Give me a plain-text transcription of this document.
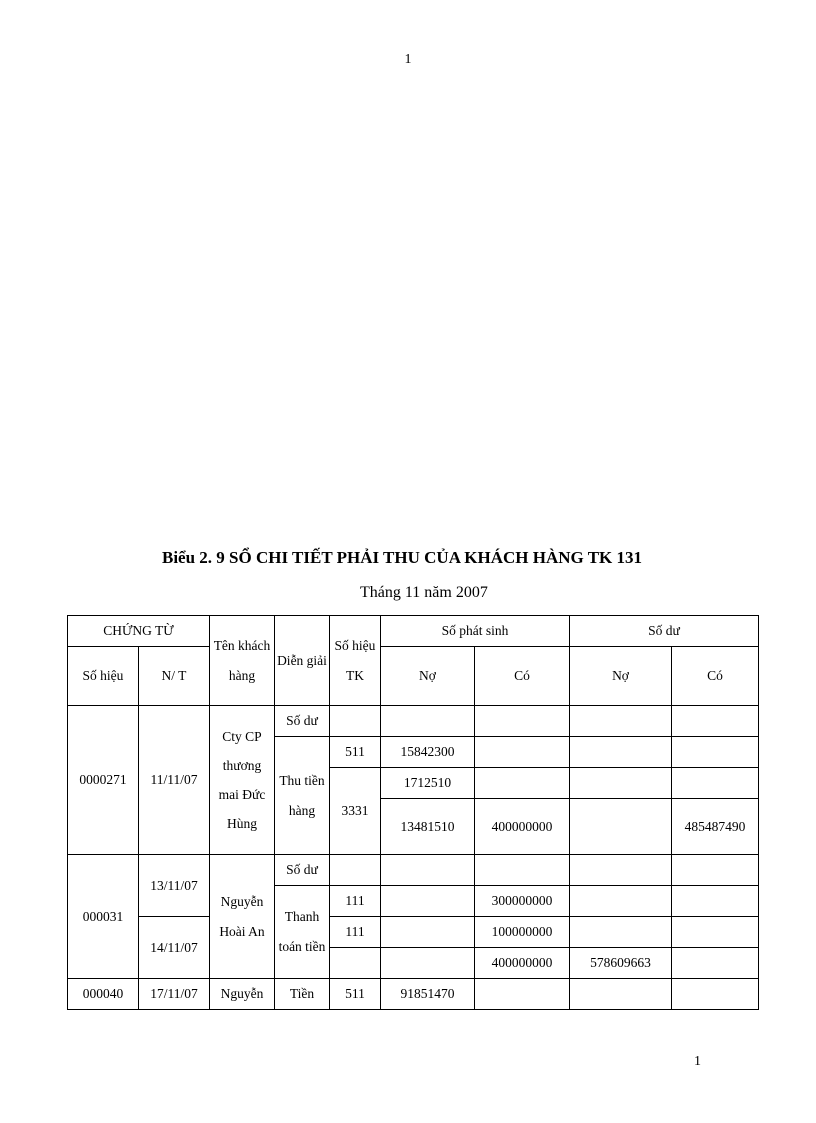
1
Biểu 2. 9 SỔ CHI TIẾT PHẢI THU CỦA KHÁCH HÀNG TK 131
Tháng 11 năm 2007
CHỨNG TỪ		Tên khách hàng	Diễn giải	Số hiệu TK	Số phát sinh		Số dư	
Số hiệu	N/ T				Nợ	Có	Nợ	Có
0000271	11/11/07	Cty CP thương mai Đức Hùng	Số dư					
			Thu tiền hàng	511	15842300			
				3331	1712510			
					13481510	400000000		485487490

000031	13/11/07	Nguyễn Hoài An	Số dư					
			Thanh toán tiền	111		300000000		
	14/11/07			111		100000000		
						400000000	578609663	
000040	17/11/07	Nguyễn	Tiền	511	91851470			
1
